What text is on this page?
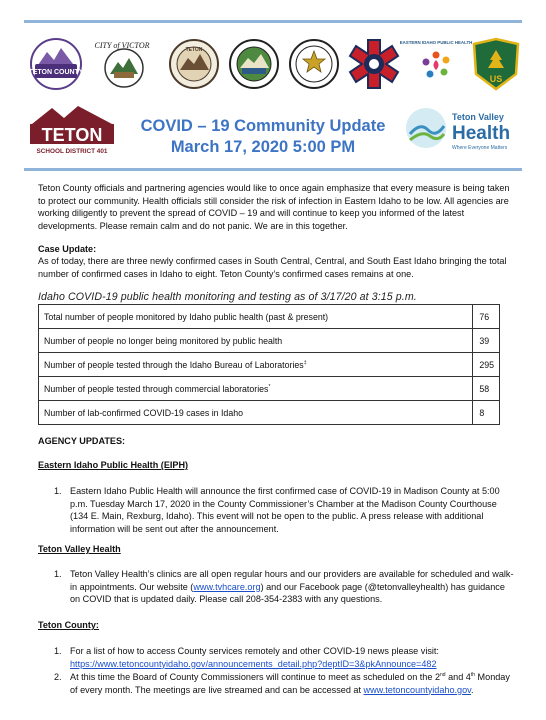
TETON COUNTY
CITY of VICTOR	TETON
EASTERN IDAHO PUBLIC HEALTH
US
TETON
SCHOOL DISTRICT 401
COVID – 19 Community Update
March 17, 2020 5:00 PM
Teton Valley
Health
Where Everyone Matters

Teton County officials and partnering agencies would like to once again emphasize that every measure is being taken to protect our community. Health officials still consider the risk of infection in Eastern Idaho to be low. All agencies are working diligently to prevent the spread of COVID – 19 and will continue to keep you informed of the latest developments. Please remain calm and do not panic. We are in this together.

Case Update:

As of today, there are three newly confirmed cases in South Central, Central, and South East Idaho bringing the total number of confirmed cases in Idaho to eight. Teton County’s confirmed cases remains at one.

Idaho COVID-19 public health monitoring and testing as of 3/17/20 at 3:15 p.m.
Total number of people monitored by Idaho public health (past & present)	76
Number of people no longer being monitored by public health	39
Number of people tested through the Idaho Bureau of Laboratories‡	295
Number of people tested through commercial laboratories*	58
Number of lab-confirmed COVID-19 cases in Idaho	8
AGENCY UPDATES:
Eastern Idaho Public Health (EIPH)
1. Eastern Idaho Public Health will announce the first confirmed case of COVID-19 in Madison County at 5:00 p.m. Tuesday March 17, 2020 in the County Commissioner’s Chamber at the Madison County Courthouse (134 E. Main, Rexburg, Idaho). This event will not be open to the public. A press release with additional information will be sent out after the announcement.
Teton Valley Health
1. Teton Valley Health’s clinics are all open regular hours and our providers are available for scheduled and walk-in appointments. Our website (www.tvhcare.org) and our Facebook page (@tetonvalleyhealth) has guidance on COVID that is updated daily. Please call 208-354-2383 with any questions.
Teton County:
1. For a list of how to access County services remotely and other COVID-19 news please visit:
https://www.tetoncountyidaho.gov/announcements_detail.php?deptID=3&pkAnnounce=482
2. At this time the Board of County Commissioners will continue to meet as scheduled on the 2nd and 4th Monday of every month. The meetings are live streamed and can be accessed at www.tetoncountyidaho.gov.
